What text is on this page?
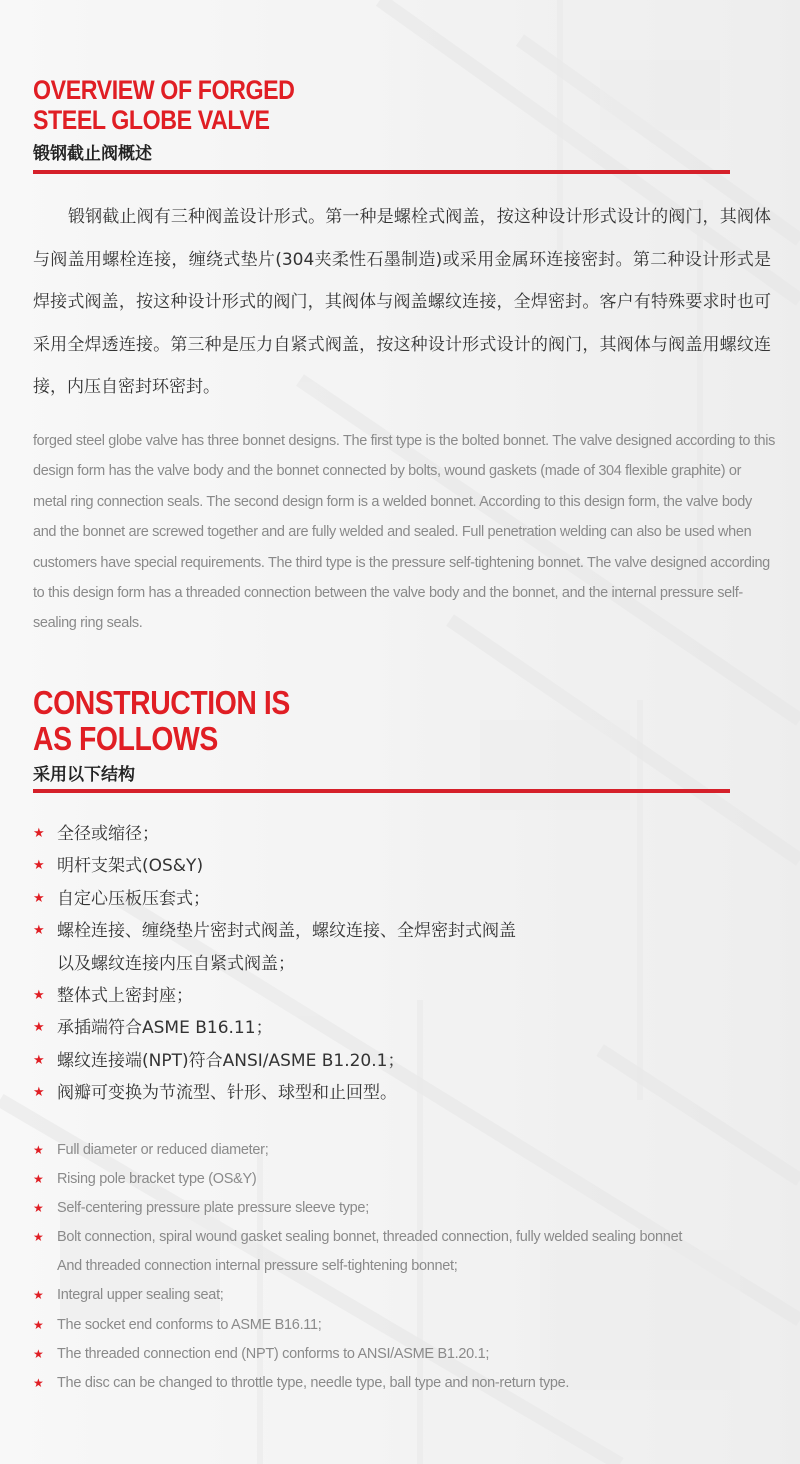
OVERVIEW OF FORGED
STEEL GLOBE VALVE
锻钢截止阀概述

锻钢截止阀有三种阀盖设计形式。第一种是螺栓式阀盖，按这种设计形式设计的阀门，其阀体与阀盖用螺栓连接，缠绕式垫片(304夹柔性石墨制造)或采用金属环连接密封。第二种设计形式是焊接式阀盖，按这种设计形式的阀门，其阀体与阀盖螺纹连接，全焊密封。客户有特殊要求时也可采用全焊透连接。第三种是压力自紧式阀盖，按这种设计形式设计的阀门，其阀体与阀盖用螺纹连接，内压自密封环密封。

forged steel globe valve has three bonnet designs. The first type is the bolted bonnet. The valve designed according to this design form has the valve body and the bonnet connected by bolts, wound gaskets (made of 304 flexible graphite) or metal ring connection seals. The second design form is a welded bonnet. According to this design form, the valve body and the bonnet are screwed together and are fully welded and sealed. Full penetration welding can also be used when customers have special requirements. The third type is the pressure self-tightening bonnet. The valve designed according to this design form has a threaded connection between the valve body and the bonnet, and the internal pressure self-sealing ring seals.

CONSTRUCTION IS
AS FOLLOWS
采用以下结构
★ 全径或缩径；
★ 明杆支架式(OS&Y)
★ 自定心压板压套式；
★ 螺栓连接、缠绕垫片密封式阀盖，螺纹连接、全焊密封式阀盖
以及螺纹连接内压自紧式阀盖；
★ 整体式上密封座；
★ 承插端符合ASME B16.11；
★ 螺纹连接端(NPT)符合ANSI/ASME B1.20.1；
★ 阀瓣可变换为节流型、针形、球型和止回型。
★ Full diameter or reduced diameter;
★ Rising pole bracket type (OS&Y)
★ Self-centering pressure plate pressure sleeve type;
★ Bolt connection, spiral wound gasket sealing bonnet, threaded connection, fully welded sealing bonnet
And threaded connection internal pressure self-tightening bonnet;
★ Integral upper sealing seat;
★ The socket end conforms to ASME B16.11;
★ The threaded connection end (NPT) conforms to ANSI/ASME B1.20.1;
★ The disc can be changed to throttle type, needle type, ball type and non-return type.
